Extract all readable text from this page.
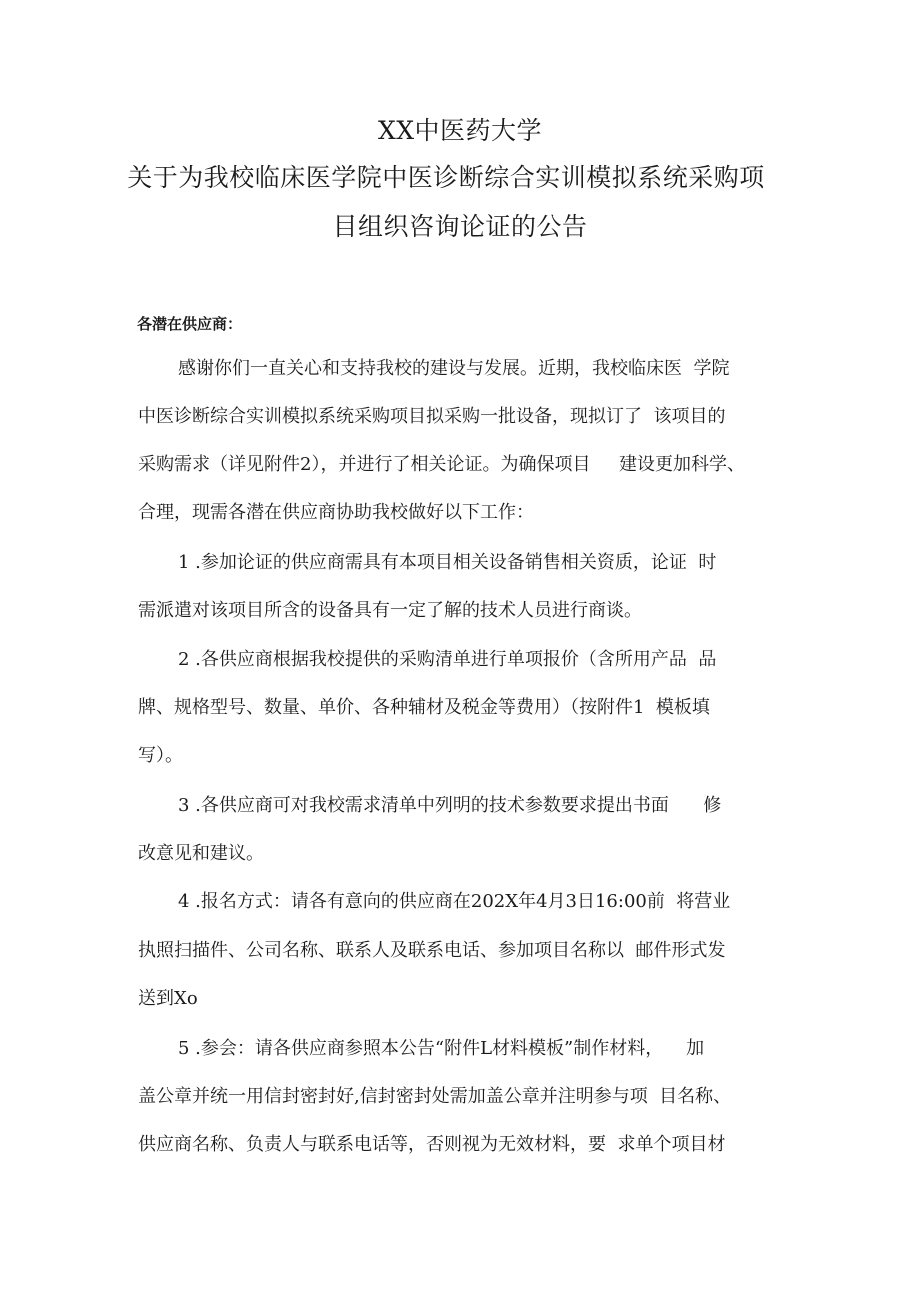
XX中医药大学
关于为我校临床医学院中医诊断综合实训模拟系统采购项
目组织咨询论证的公告
各潜在供应商：
感谢你们一直关心和支持我校的建设与发展。近期，我校临床医  学院
中医诊断综合实训模拟系统采购项目拟采购一批设备，现拟订了  该项目的
采购需求（详见附件2），并进行了相关论证。为确保项目     建设更加科学、
合理，现需各潜在供应商协助我校做好以下工作：
1 .参加论证的供应商需具有本项目相关设备销售相关资质，论证  时
需派遣对该项目所含的设备具有一定了解的技术人员进行商谈。
2 .各供应商根据我校提供的采购清单进行单项报价（含所用产品  品
牌、规格型号、数量、单价、各种辅材及税金等费用）（按附件1  模板填
写）。
3 .各供应商可对我校需求清单中列明的技术参数要求提出书面      修
改意见和建议。
4 .报名方式：请各有意向的供应商在202X年4月3日16:00前  将营业
执照扫描件、公司名称、联系人及联系电话、参加项目名称以  邮件形式发
送到Xo
5 .参会：请各供应商参照本公告“附件L材料模板”制作材料，    加
盖公章并统一用信封密封好,信封密封处需加盖公章并注明参与项  目名称、
供应商名称、负责人与联系电话等，否则视为无效材料，要  求单个项目材
